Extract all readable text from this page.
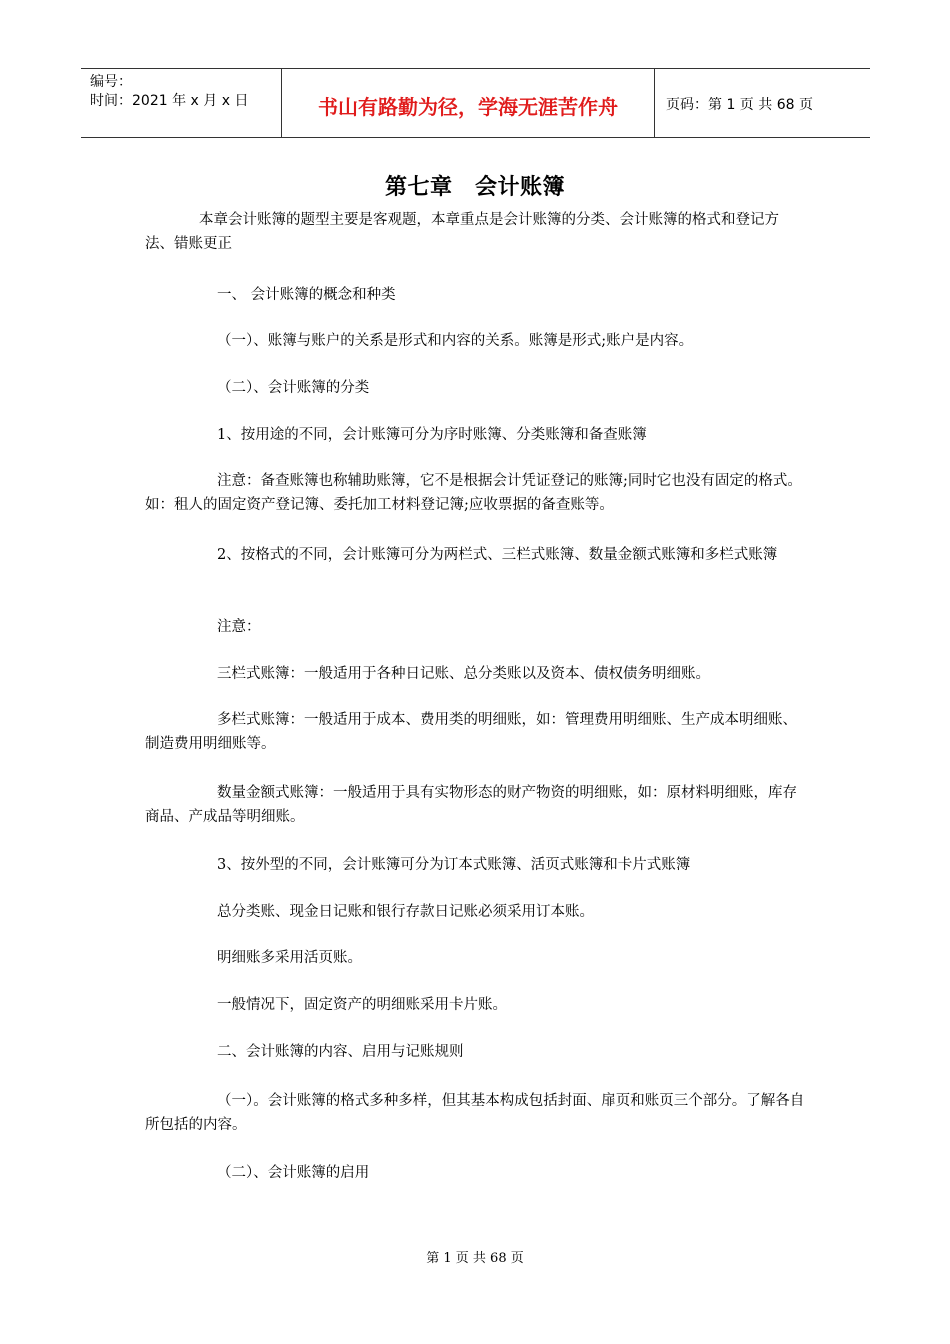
编号：
时间：2021 年 x 月 x 日	书山有路勤为径，学海无涯苦作舟	页码：第 1 页 共 68 页
第七章　会计账簿
本章会计账簿的题型主要是客观题，本章重点是会计账簿的分类、会计账簿的格式和登记方法、错账更正
一、 会计账簿的概念和种类
（一）、账簿与账户的关系是形式和内容的关系。账簿是形式;账户是内容。
（二）、会计账簿的分类
1、按用途的不同，会计账簿可分为序时账簿、分类账簿和备查账簿
注意：备查账簿也称辅助账簿，它不是根据会计凭证登记的账簿;同时它也没有固定的格式。如：租人的固定资产登记簿、委托加工材料登记簿;应收票据的备查账等。
2、按格式的不同，会计账簿可分为两栏式、三栏式账簿、数量金额式账簿和多栏式账簿
注意：
三栏式账簿：一般适用于各种日记账、总分类账以及资本、债权债务明细账。
多栏式账簿：一般适用于成本、费用类的明细账，如：管理费用明细账、生产成本明细账、制造费用明细账等。
数量金额式账簿：一般适用于具有实物形态的财产物资的明细账，如：原材料明细账，库存商品、产成品等明细账。
3、按外型的不同，会计账簿可分为订本式账簿、活页式账簿和卡片式账簿
总分类账、现金日记账和银行存款日记账必须采用订本账。
明细账多采用活页账。
一般情况下，固定资产的明细账采用卡片账。
二、会计账簿的内容、启用与记账规则
（一）。会计账簿的格式多种多样，但其基本构成包括封面、扉页和账页三个部分。了解各自所包括的内容。
（二）、会计账簿的启用
第 1 页 共 68 页
